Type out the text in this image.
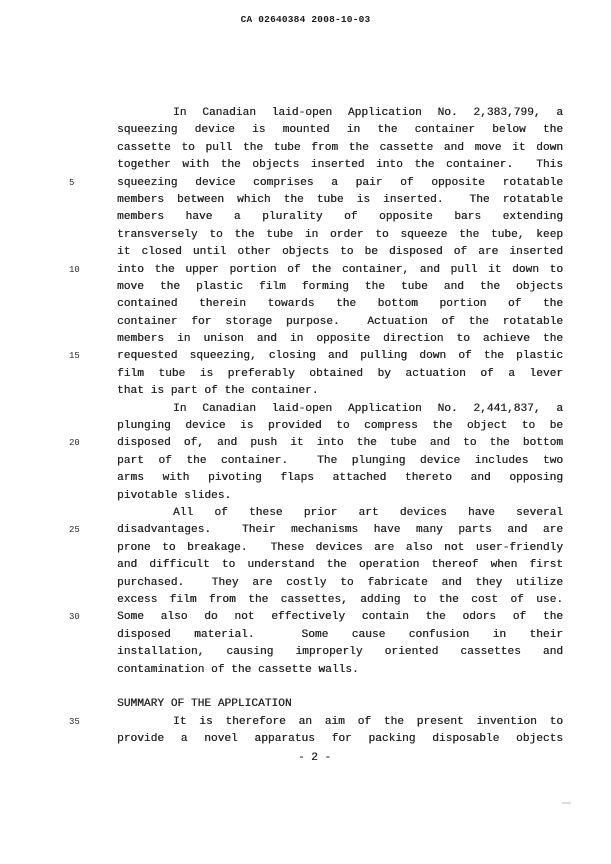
CA 02640384 2008-10-03
In Canadian laid-open Application No. 2,383,799, a
squeezing device is mounted in the container below the
cassette to pull the tube from the cassette and move it down
together with the objects inserted into the container.  This
5	squeezing device comprises a pair of opposite rotatable
members between which the tube is inserted.  The rotatable
members have a plurality of opposite bars extending
transversely to the tube in order to squeeze the tube, keep
it closed until other objects to be disposed of are inserted
10	into the upper portion of the container, and pull it down to
move the plastic film forming the tube and the objects
contained therein towards the bottom portion of the
container for storage purpose.  Actuation of the rotatable
members in unison and in opposite direction to achieve the
15	requested squeezing, closing and pulling down of the plastic
film tube is preferably obtained by actuation of a lever
that is part of the container.
In Canadian laid-open Application No. 2,441,837, a
plunging device is provided to compress the object to be
20	disposed of, and push it into the tube and to the bottom
part of the container.  The plunging device includes two
arms with pivoting flaps attached thereto and opposing
pivotable slides.
All of these prior art devices have several
25	disadvantages.  Their mechanisms have many parts and are
prone to breakage.  These devices are also not user-friendly
and difficult to understand the operation thereof when first
purchased.  They are costly to fabricate and they utilize
excess film from the cassettes, adding to the cost of use.
30	Some also do not effectively contain the odors of the
disposed material.  Some cause confusion in their
installation, causing improperly oriented cassettes and
contamination of the cassette walls.
SUMMARY OF THE APPLICATION
35	It is therefore an aim of the present invention to
provide a novel apparatus for packing disposable objects
- 2 -
